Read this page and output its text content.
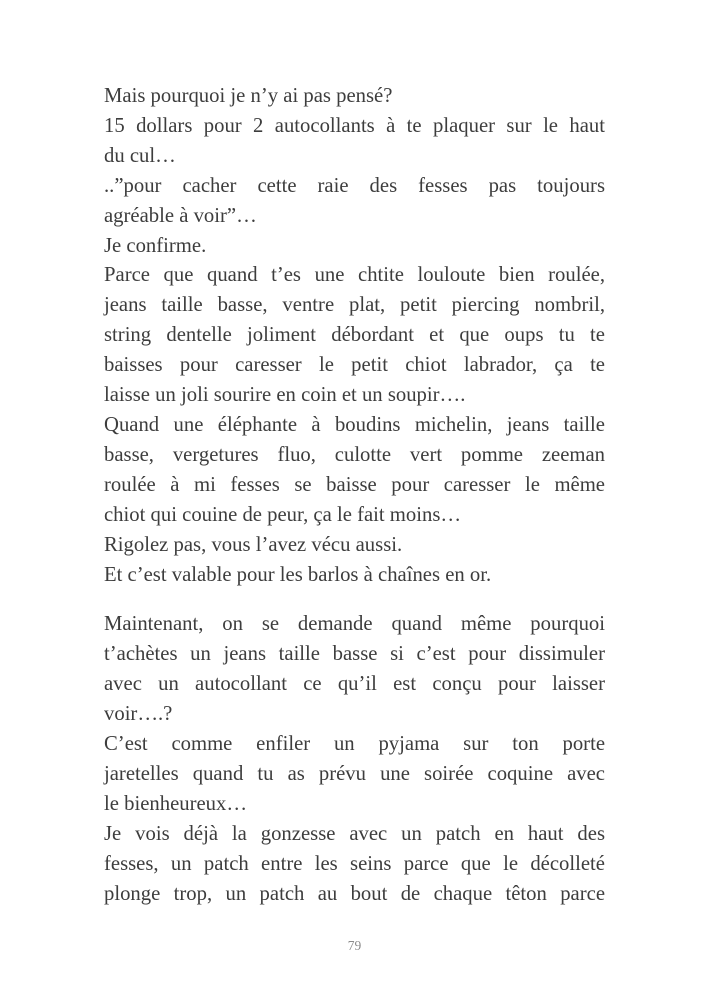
Mais pourquoi je n’y ai pas pensé?
15 dollars pour 2 autocollants à te plaquer sur le haut
du cul…
..”pour cacher cette raie des fesses pas toujours
agréable à voir”…
Je confirme.
Parce que quand t’es une chtite louloute bien roulée,
jeans taille basse, ventre plat, petit piercing nombril,
string dentelle joliment débordant et que oups tu te
baisses pour caresser le petit chiot labrador, ça te
laisse un joli sourire en coin et un soupir….
Quand une éléphante à boudins michelin, jeans taille
basse, vergetures fluo, culotte vert pomme zeeman
roulée à mi fesses se baisse pour caresser le même
chiot qui couine de peur, ça le fait moins…
Rigolez pas, vous l’avez vécu aussi.
Et c’est valable pour les barlos à chaînes en or.
Maintenant, on se demande quand même pourquoi
t’achètes un jeans taille basse si c’est pour dissimuler
avec un autocollant ce qu’il est conçu pour laisser
voir….?
C’est comme enfiler un pyjama sur ton porte
jaretelles quand tu as prévu une soirée coquine avec
le bienheureux…
Je vois déjà la gonzesse avec un patch en haut des
fesses, un patch entre les seins parce que le décolleté
plonge trop, un patch au bout de chaque têton parce
79
